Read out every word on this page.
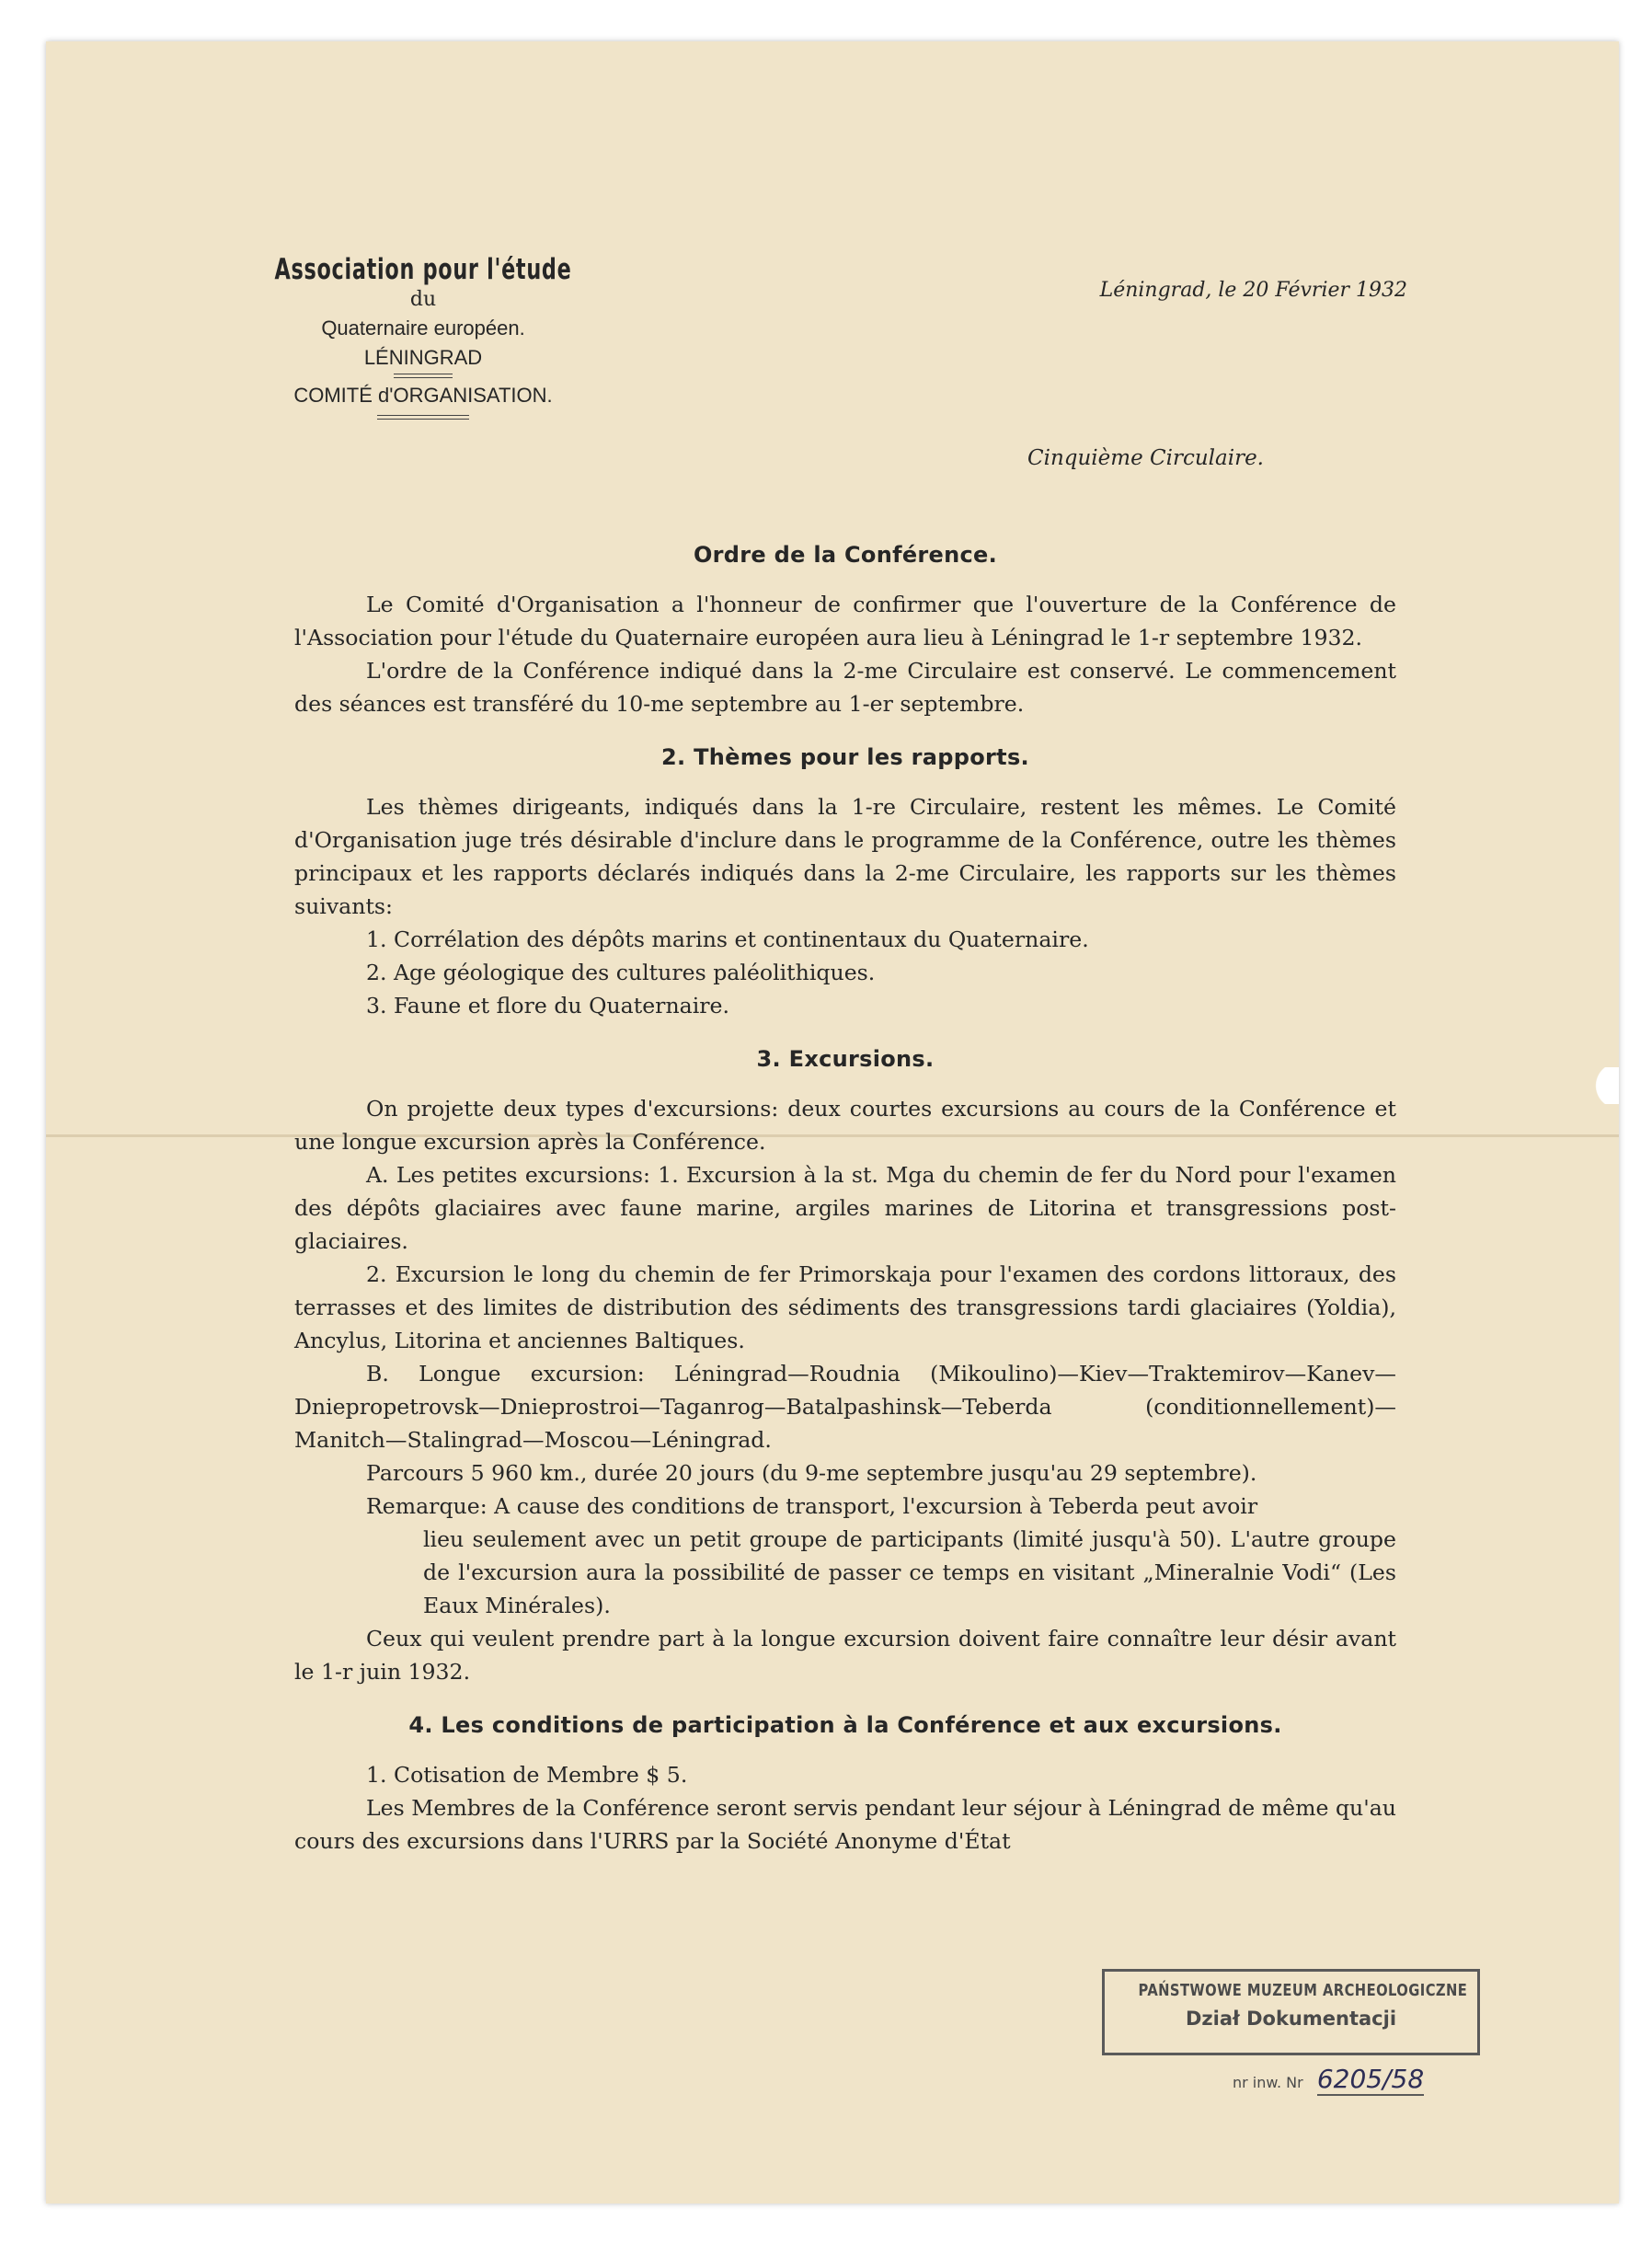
Association pour l'étude
du
Quaternaire européen.
LÉNINGRAD
COMITÉ d'ORGANISATION.
Léningrad, le 20 Février 1932
Cinquième Circulaire.
Ordre de la Conférence.

Le Comité d'Organisation a l'honneur de confirmer que l'ouverture de la Conférence de l'Association pour l'étude du Quaternaire européen aura lieu à Léningrad le 1-r septembre 1932.

L'ordre de la Conférence indiqué dans la 2-me Circulaire est conservé. Le commencement des séances est transféré du 10-me septembre au 1-er septembre.

2. Thèmes pour les rapports.

Les thèmes dirigeants, indiqués dans la 1-re Circulaire, restent les mêmes. Le Comité d'Organisation juge trés désirable d'inclure dans le programme de la Conférence, outre les thèmes principaux et les rapports déclarés indiqués dans la 2-me Circulaire, les rapports sur les thèmes suivants:

1. Corrélation des dépôts marins et continentaux du Quaternaire.

2. Age géologique des cultures paléolithiques.

3. Faune et flore du Quaternaire.

3. Excursions.

On projette deux types d'excursions: deux courtes excursions au cours de la Conférence et une longue excursion après la Conférence.

A. Les petites excursions: 1. Excursion à la st. Mga du chemin de fer du Nord pour l'examen des dépôts glaciaires avec faune marine, argiles marines de Litorina et transgressions post-glaciaires.

2. Excursion le long du chemin de fer Primorskaja pour l'examen des cordons littoraux, des terrasses et des limites de distribution des sédiments des transgressions tardi glaciaires (Yoldia), Ancylus, Litorina et anciennes Baltiques.

B. Longue excursion: Léningrad—Roudnia (Mikoulino)—Kiev—Traktemirov—Kanev—Dniepropetrovsk—Dnieprostroi—Taganrog—Batalpashinsk—Teberda (conditionnellement)—Manitch—Stalingrad—Moscou—Léningrad.

Parcours 5 960 km., durée 20 jours (du 9-me septembre jusqu'au 29 septembre).

Remarque: A cause des conditions de transport, l'excursion à Teberda peut avoir

lieu seulement avec un petit groupe de participants (limité jusqu'à 50). L'autre groupe de l'excursion aura la possibilité de passer ce temps en visitant „Mineralnie Vodi“ (Les Eaux Minérales).

Ceux qui veulent prendre part à la longue excursion doivent faire connaître leur désir avant le 1-r juin 1932.

4. Les conditions de participation à la Conférence et aux excursions.

1. Cotisation de Membre $ 5.

Les Membres de la Conférence seront servis pendant leur séjour à Léningrad de même qu'au cours des excursions dans l'URRS par la Société Anonyme d'État

PAŃSTWOWE MUZEUM ARCHEOLOGICZNE
Dział Dokumentacji
nr inw. Nr 6205/58
